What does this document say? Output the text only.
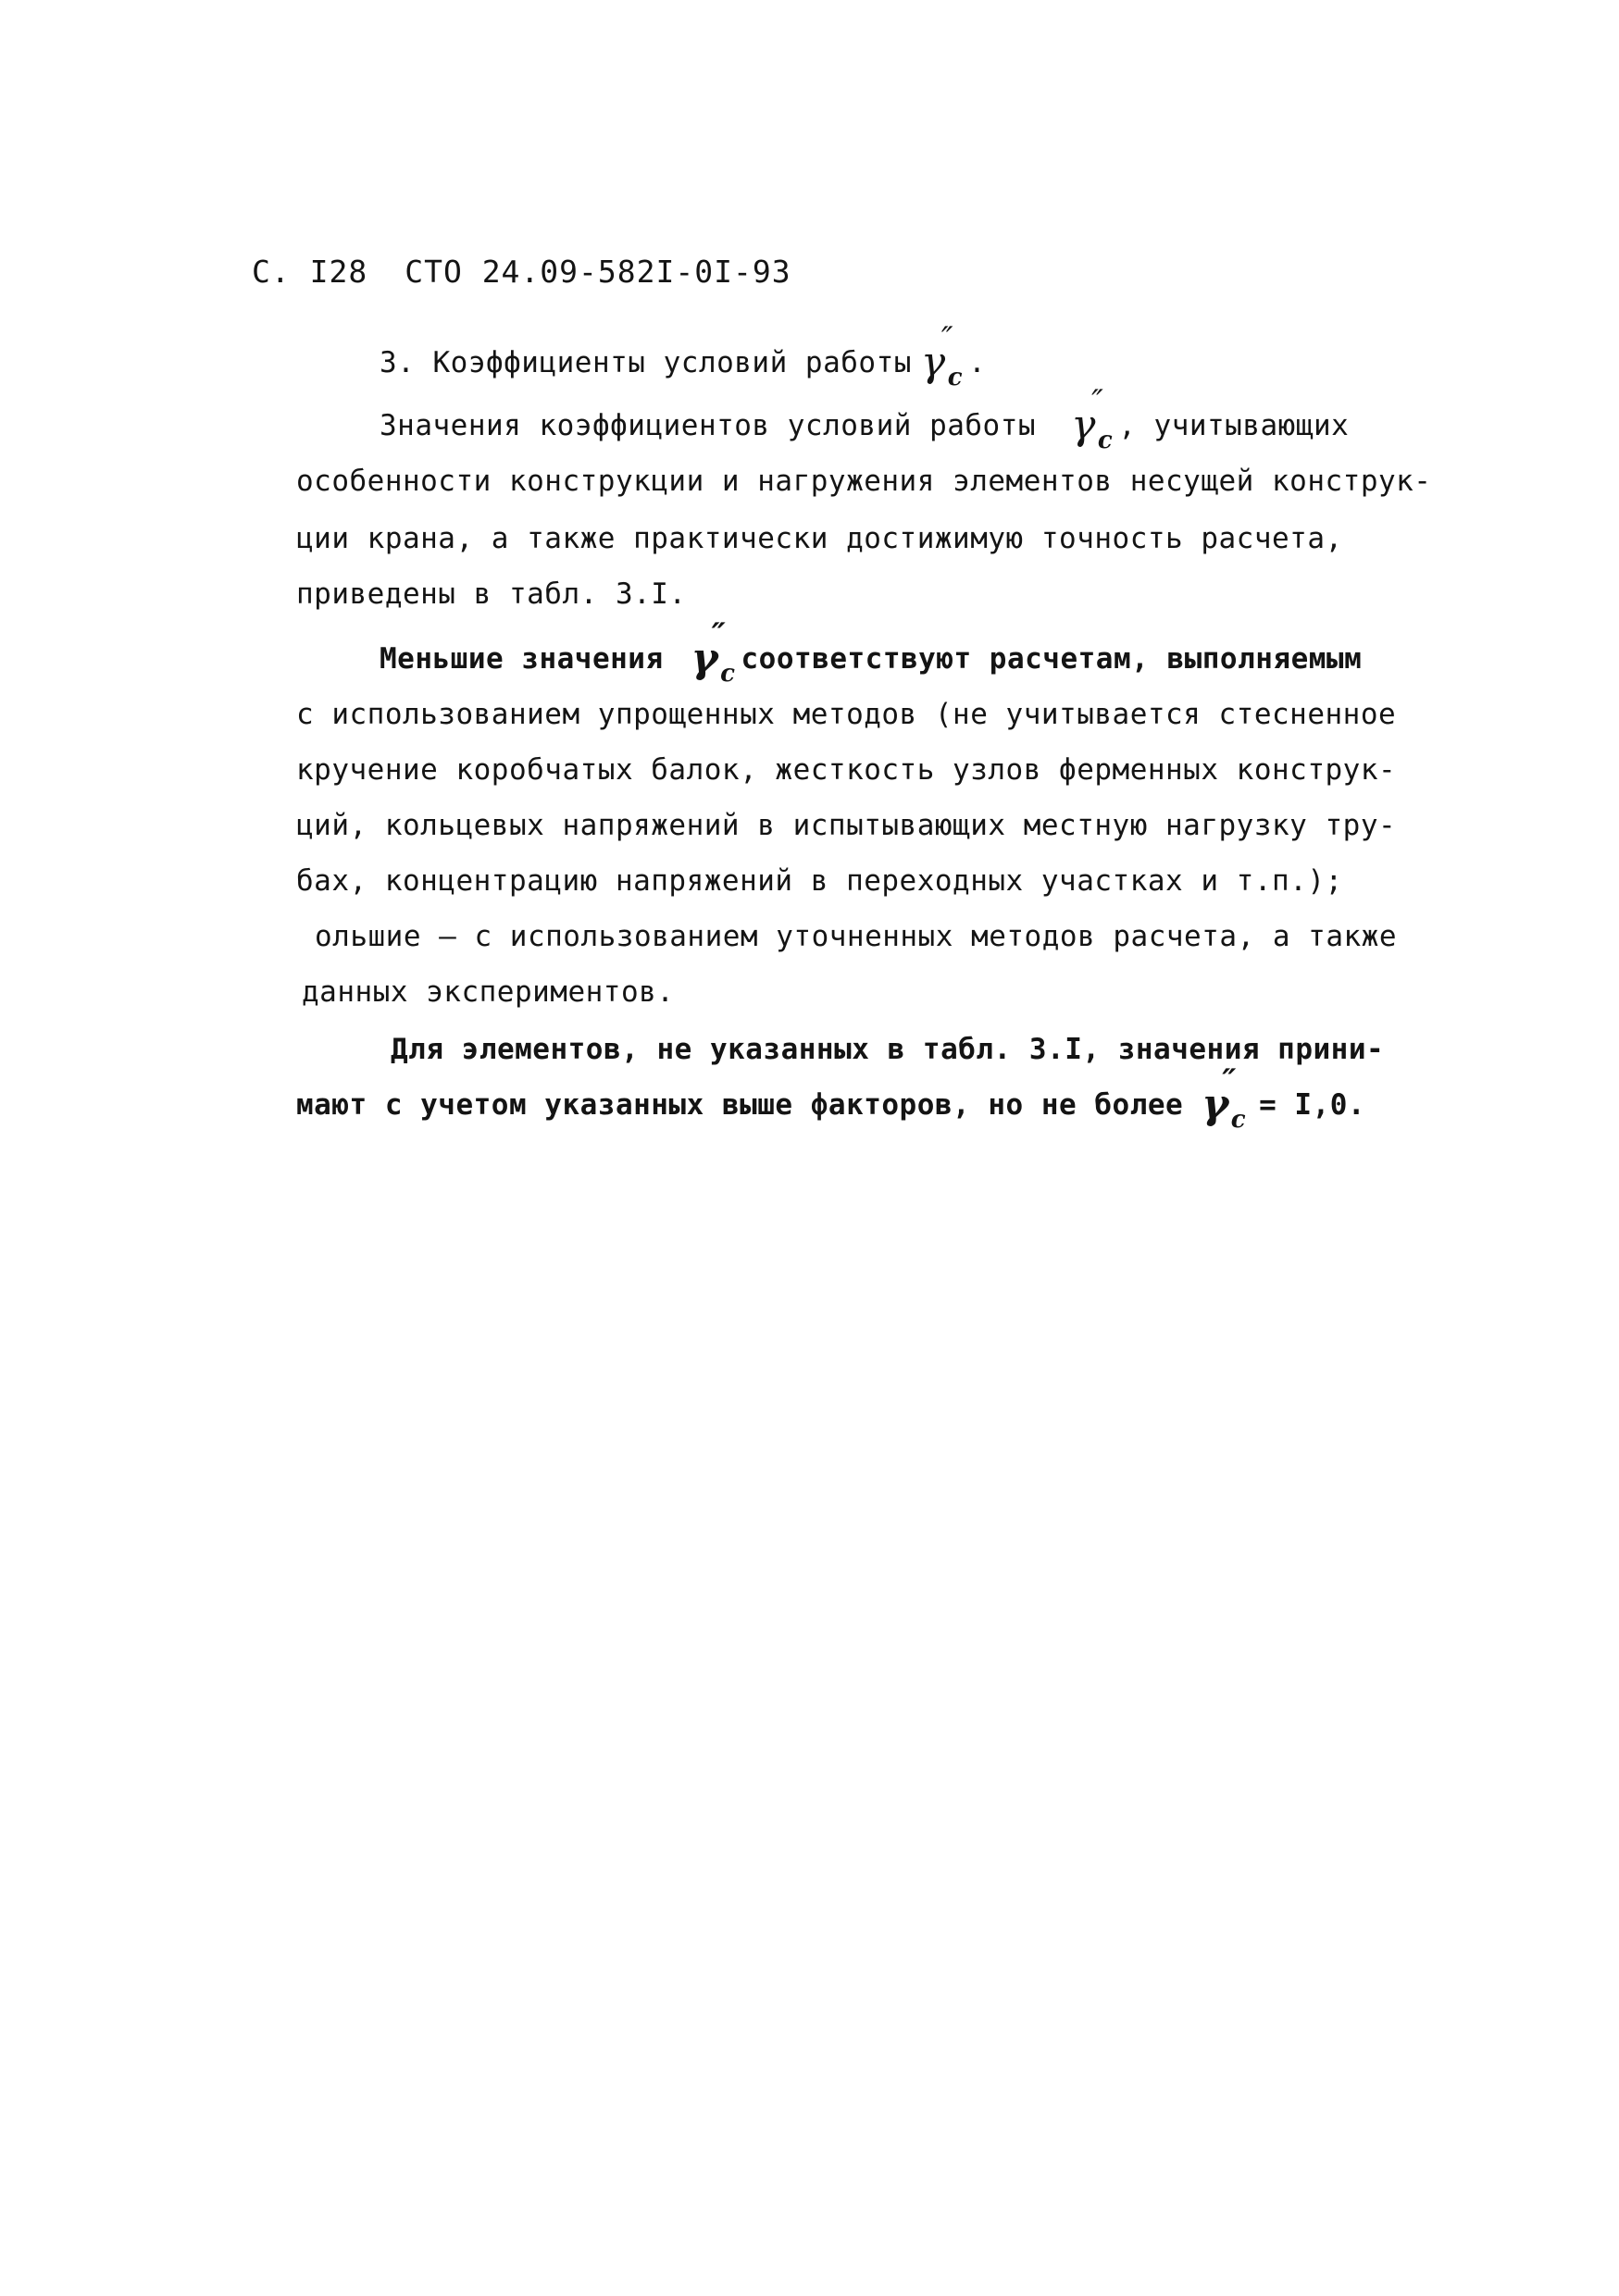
С. I28 СТО 24.09-582I-0I-93
3. Коэффициенты условий работы $\gamma_c$
″
.
Значения коэффициентов условий работы $\gamma_c$
″
, учитывающих
особенности конструкции и нагружения элементов несущей конструк-
ции крана, а также практически достижимую точность расчета,
приведены в табл. 3.I.
Меньшие значения $\gamma_c$
″
соответствуют расчетам, выполняемым
с использованием упрощенных методов (не учитывается стесненное
кручение коробчатых балок, жесткость узлов ферменных конструк-
ций, кольцевых напряжений в испытывающих местную нагрузку тру-
бах, концентрацию напряжений в переходных участках и т.п.);
ольшие – с использованием уточненных методов расчета, а также
данных экспериментов.
Для элементов, не указанных в табл. 3.I, значения прини-
мают с учетом указанных выше факторов, но не более $\gamma_c$
″
= I,0.
